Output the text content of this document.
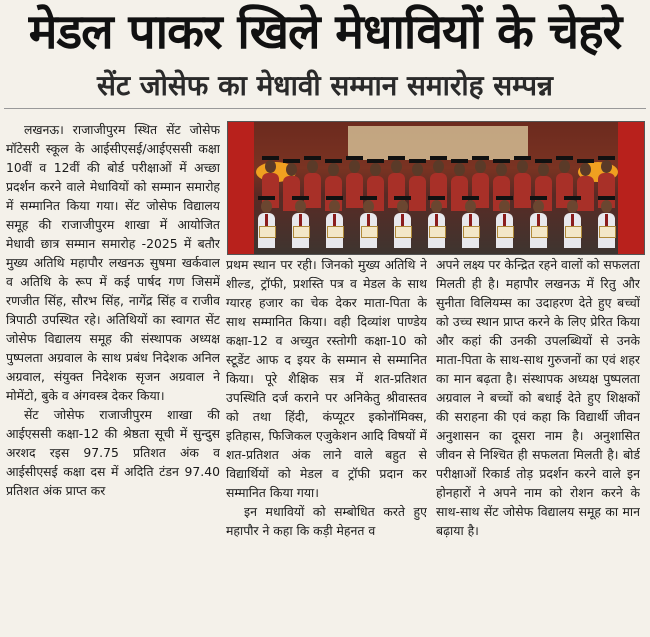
मेडल पाकर खिले मेधावियों के चेहरे
सेंट जोसेफ का मेधावी सम्मान समारोह सम्पन्न

लखनऊ। राजाजीपुरम स्थित सेंट जोसेफ मॉटेसरी स्कूल के आईसीएसई/आईएससी कक्षा 10वीं व 12वीं की बोर्ड परीक्षाओं में अच्छा प्रदर्शन करने वाले मेधावियों को सम्मान समारोह में सम्मानित किया गया। सेंट जोसेफ विद्यालय समूह की राजाजीपुरम शाखा में आयोजित मेधावी छात्र सम्मान समारोह -2025 में बतौर मुख्य अतिथि महापौर लखनऊ सुषमा खर्कवाल व अतिथि के रूप में कई पार्षद गण जिसमें रणजीत सिंह, सौरभ सिंह, नागेंद्र सिंह व राजीव त्रिपाठी उपस्थित रहे। अतिथियों का स्वागत सेंट जोसेफ विद्यालय समूह की संस्थापक अध्यक्ष पुष्पलता अग्रवाल के साथ प्रबंध निदेशक अनिल अग्रवाल, संयुक्त निदेशक सृजन अग्रवाल ने मोमेंटो, बुके व अंगवस्त्र देकर किया।

सेंट जोसेफ राजाजीपुरम शाखा की आईएससी कक्षा-12 की श्रेष्ठता सूची में सुन्दुस अरशद रइस 97.75 प्रतिशत अंक व आईसीएसई कक्षा दस में अदिति टंडन 97.40 प्रतिशत अंक प्राप्त कर

प्रथम स्थान पर रही। जिनको मुख्य अतिथि ने शील्ड, ट्रॉफी, प्रशस्ति पत्र व मेडल के साथ ग्यारह हजार का चेक देकर माता-पिता के साथ सम्मानित किया। वही दिव्यांश पाण्डेय कक्षा-12 व अच्युत रस्तोगी कक्षा-10 को स्टूडेंट आफ द इयर के सम्मान से सम्मानित किया। पूरे शैक्षिक सत्र में शत-प्रतिशत उपस्थिति दर्ज कराने पर अनिकेतु श्रीवास्तव को तथा हिंदी, कंप्यूटर इकोनॉमिक्स, इतिहास, फिजिकल एजुकेशन आदि विषयों में शत-प्रतिशत अंक लाने वाले बहुत से विद्यार्थियों को मेडल व ट्रॉफी प्रदान कर सम्मानित किया गया।

इन मधावियों को सम्बोधित करते हुए महापौर ने कहा कि कड़ी मेहनत व

अपने लक्ष्य पर केन्द्रित रहने वालों को सफलता मिलती ही है। महापौर लखनऊ में रितु और सुनीता विलियम्स का उदाहरण देते हुए बच्चों को उच्च स्थान प्राप्त करने के लिए प्रेरित किया और कहां की उनकी उपलब्धियों से उनके माता-पिता के साथ-साथ गुरुजनों का एवं शहर का मान बढ़ता है। संस्थापक अध्यक्ष पुष्पलता अग्रवाल ने बच्चों को बधाई देते हुए शिक्षकों की सराहना की एवं कहा कि विद्यार्थी जीवन अनुशासन का दूसरा नाम है। अनुशासित जीवन से निश्चित ही सफलता मिलती है। बोर्ड परीक्षाओं रिकार्ड तोड़ प्रदर्शन करने वाले इन होनहारों ने अपने नाम को रोशन करने के साथ-साथ सेंट जोसेफ विद्यालय समूह का मान बढ़ाया है।
